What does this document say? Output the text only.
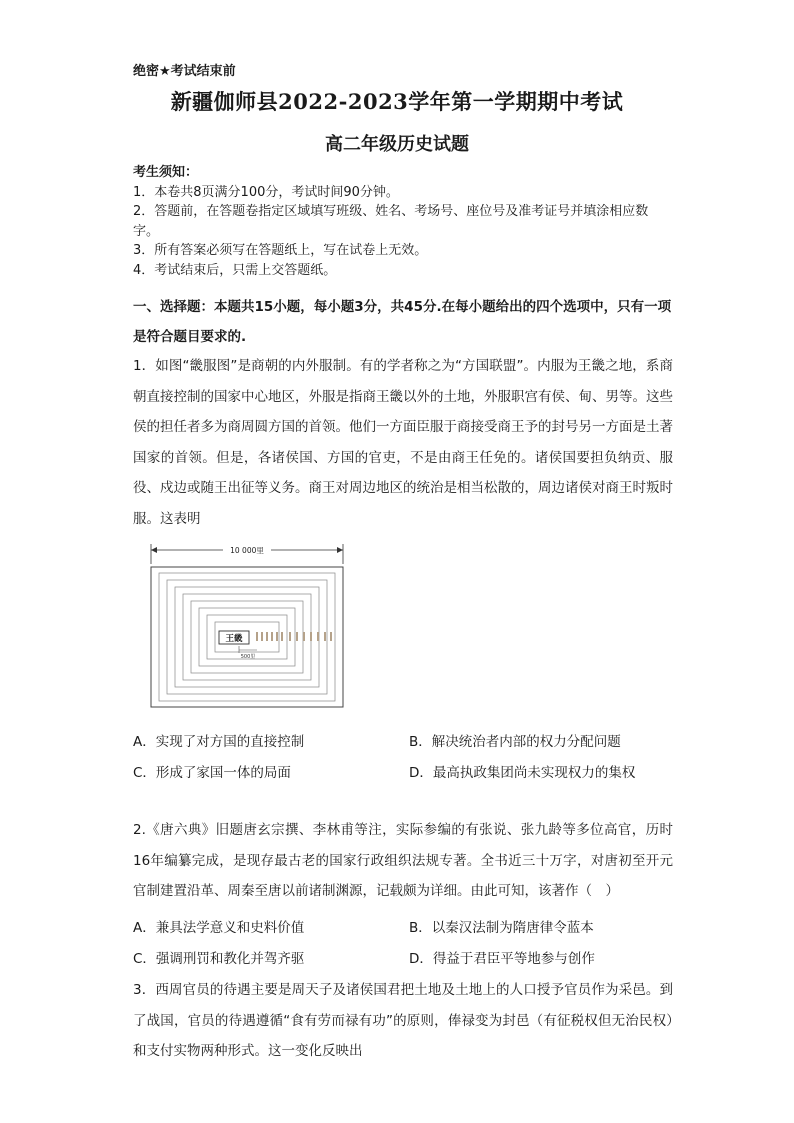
绝密★考试结束前
新疆伽师县2022-2023学年第一学期期中考试
高二年级历史试题
考生须知：
1．本卷共8页满分100分，考试时间90分钟。
2．答题前，在答题卷指定区域填写班级、姓名、考场号、座位号及准考证号并填涂相应数字。
3．所有答案必须写在答题纸上，写在试卷上无效。
4．考试结束后，只需上交答题纸。
一、选择题：本题共15小题，每小题3分，共45分.在每小题给出的四个选项中，只有一项是符合题目要求的.
1．如图“畿服图”是商朝的内外服制。有的学者称之为“方国联盟”。内服为王畿之地，系商朝直接控制的国家中心地区，外服是指商王畿以外的土地，外服职宫有侯、甸、男等。这些侯的担任者多为商周圆方国的首领。他们一方面臣服于商接受商王予的封号另一方面是土著国家的首领。但是，各诸侯国、方国的官吏，不是由商王任免的。诸侯国要担负纳贡、服役、戍边或随王出征等义务。商王对周边地区的统治是相当松散的，周边诸侯对商王时叛时服。这表明
10 000里
王畿
500里
A．实现了对方国的直接控制	B．解决统治者内部的权力分配问题
C．形成了家国一体的局面	D．最高执政集团尚未实现权力的集权
2.《唐六典》旧题唐玄宗撰、李林甫等注，实际参编的有张说、张九龄等多位高官，历时16年编纂完成，是现存最古老的国家行政组织法规专著。全书近三十万字，对唐初至开元官制建置沿革、周秦至唐以前诸制渊源，记载颇为详细。由此可知，该著作（　）
A．兼具法学意义和史料价值	B．以秦汉法制为隋唐律令蓝本
C．强调刑罚和教化并驾齐驱	D．得益于君臣平等地参与创作
3．西周官员的待遇主要是周天子及诸侯国君把土地及土地上的人口授予官员作为采邑。到了战国，官员的待遇遵循“食有劳而禄有功”的原则，俸禄变为封邑（有征税权但无治民权）和支付实物两种形式。这一变化反映出
